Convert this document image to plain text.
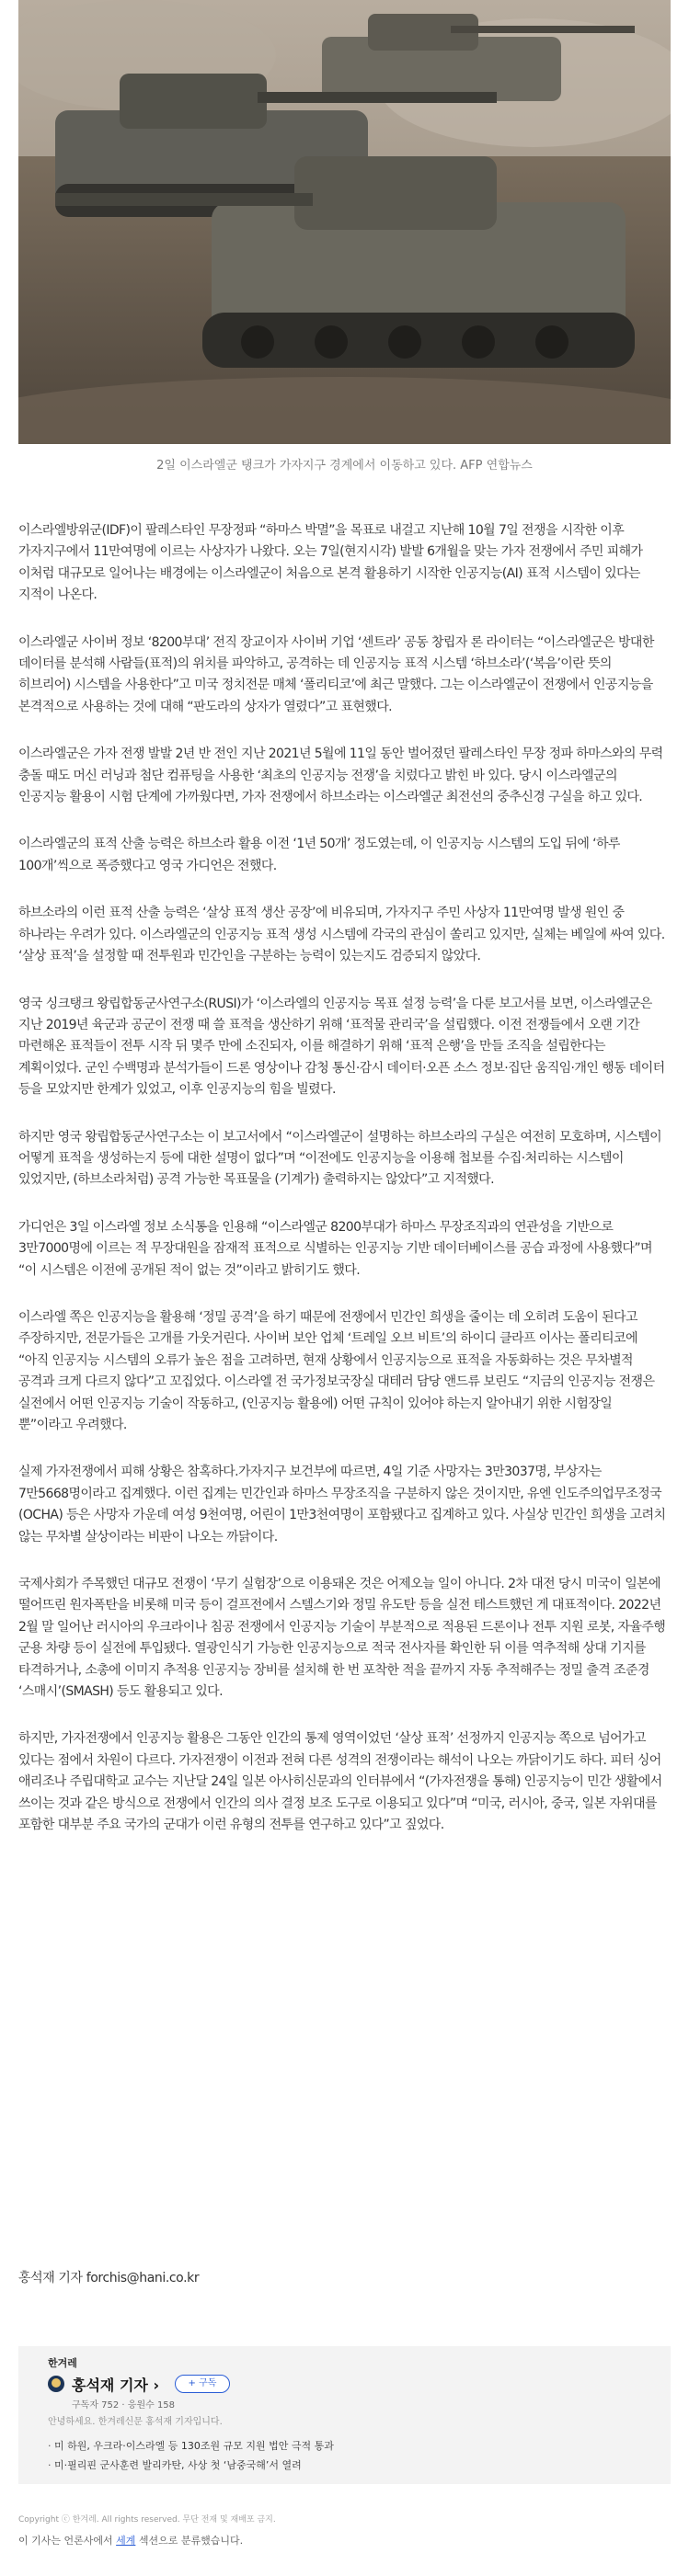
2일 이스라엘군 탱크가 가자지구 경계에서 이동하고 있다. AFP 연합뉴스

이스라엘방위군(IDF)이 팔레스타인 무장정파 “하마스 박멸”을 목표로 내걸고 지난해 10월 7일 전쟁을 시작한 이후 가자지구에서 11만여명에 이르는 사상자가 나왔다. 오는 7일(현지시각) 발발 6개월을 맞는 가자 전쟁에서 주민 피해가 이처럼 대규모로 일어나는 배경에는 이스라엘군이 처음으로 본격 활용하기 시작한 인공지능(AI) 표적 시스템이 있다는 지적이 나온다.

이스라엘군 사이버 정보 ‘8200부대’ 전직 장교이자 사이버 기업 ‘센트라’ 공동 창립자 론 라이터는 “이스라엘군은 방대한 데이터를 분석해 사람들(표적)의 위치를 파악하고, 공격하는 데 인공지능 표적 시스템 ‘하브소라’(‘복음’이란 뜻의 히브리어) 시스템을 사용한다”고 미국 정치전문 매체 ‘폴리티코’에 최근 말했다. 그는 이스라엘군이 전쟁에서 인공지능을 본격적으로 사용하는 것에 대해 “판도라의 상자가 열렸다”고 표현했다.

이스라엘군은 가자 전쟁 발발 2년 반 전인 지난 2021년 5월에 11일 동안 벌어졌던 팔레스타인 무장 정파 하마스와의 무력 충돌 때도 머신 러닝과 첨단 컴퓨팅을 사용한 ‘최초의 인공지능 전쟁’을 치렀다고 밝힌 바 있다. 당시 이스라엘군의 인공지능 활용이 시험 단계에 가까웠다면, 가자 전쟁에서 하브소라는 이스라엘군 최전선의 중추신경 구실을 하고 있다.

이스라엘군의 표적 산출 능력은 하브소라 활용 이전 ‘1년 50개’ 정도였는데, 이 인공지능 시스템의 도입 뒤에 ‘하루 100개’씩으로 폭증했다고 영국 가디언은 전했다.

하브소라의 이런 표적 산출 능력은 ‘살상 표적 생산 공장’에 비유되며, 가자지구 주민 사상자 11만여명 발생 원인 중 하나라는 우려가 있다. 이스라엘군의 인공지능 표적 생성 시스템에 각국의 관심이 쏠리고 있지만, 실체는 베일에 싸여 있다. ‘살상 표적’을 설정할 때 전투원과 민간인을 구분하는 능력이 있는지도 검증되지 않았다.

영국 싱크탱크 왕립합동군사연구소(RUSI)가 ‘이스라엘의 인공지능 목표 설정 능력’을 다룬 보고서를 보면, 이스라엘군은 지난 2019년 육군과 공군이 전쟁 때 쓸 표적을 생산하기 위해 ‘표적물 관리국’을 설립했다. 이전 전쟁들에서 오랜 기간 마련해온 표적들이 전투 시작 뒤 몇주 만에 소진되자, 이를 해결하기 위해 ‘표적 은행’을 만들 조직을 설립한다는 계획이었다. 군인 수백명과 분석가들이 드론 영상이나 감청 통신·감시 데이터·오픈 소스 정보·집단 움직임·개인 행동 데이터 등을 모았지만 한계가 있었고, 이후 인공지능의 힘을 빌렸다.

하지만 영국 왕립합동군사연구소는 이 보고서에서 “이스라엘군이 설명하는 하브소라의 구실은 여전히 모호하며, 시스템이 어떻게 표적을 생성하는지 등에 대한 설명이 없다”며 “이전에도 인공지능을 이용해 첩보를 수집·처리하는 시스템이 있었지만, (하브소라처럼) 공격 가능한 목표물을 (기계가) 출력하지는 않았다”고 지적했다.

가디언은 3일 이스라엘 정보 소식통을 인용해 “이스라엘군 8200부대가 하마스 무장조직과의 연관성을 기반으로 3만7000명에 이르는 적 무장대원을 잠재적 표적으로 식별하는 인공지능 기반 데이터베이스를 공습 과정에 사용했다”며 “이 시스템은 이전에 공개된 적이 없는 것”이라고 밝히기도 했다.

이스라엘 쪽은 인공지능을 활용해 ‘정밀 공격’을 하기 때문에 전쟁에서 민간인 희생을 줄이는 데 오히려 도움이 된다고 주장하지만, 전문가들은 고개를 가웃거린다. 사이버 보안 업체 ‘트레일 오브 비트’의 하이디 클라프 이사는 폴리티코에 “아직 인공지능 시스템의 오류가 높은 점을 고려하면, 현재 상황에서 인공지능으로 표적을 자동화하는 것은 무차별적 공격과 크게 다르지 않다”고 꼬집었다. 이스라엘 전 국가정보국장실 대테러 담당 앤드류 보린도 “지금의 인공지능 전쟁은 실전에서 어떤 인공지능 기술이 작동하고, (인공지능 활용에) 어떤 규칙이 있어야 하는지 알아내기 위한 시험장일 뿐”이라고 우려했다.

실제 가자전쟁에서 피해 상황은 참혹하다.가자지구 보건부에 따르면, 4일 기준 사망자는 3만3037명, 부상자는 7만5668명이라고 집계했다. 이런 집계는 민간인과 하마스 무장조직을 구분하지 않은 것이지만, 유엔 인도주의업무조정국(OCHA) 등은 사망자 가운데 여성 9천여명, 어린이 1만3천여명이 포함됐다고 집계하고 있다. 사실상 민간인 희생을 고려치 않는 무차별 살상이라는 비판이 나오는 까닭이다.

국제사회가 주목했던 대규모 전쟁이 ‘무기 실험장’으로 이용돼온 것은 어제오늘 일이 아니다. 2차 대전 당시 미국이 일본에 떨어뜨린 원자폭탄을 비롯해 미국 등이 걸프전에서 스텔스기와 정밀 유도탄 등을 실전 테스트했던 게 대표적이다. 2022년 2월 말 일어난 러시아의 우크라이나 침공 전쟁에서 인공지능 기술이 부분적으로 적용된 드론이나 전투 지원 로봇, 자율주행 군용 차량 등이 실전에 투입됐다. 열광인식기 가능한 인공지능으로 적국 전사자를 확인한 뒤 이를 역추적해 상대 기지를 타격하거나, 소총에 이미지 추적용 인공지능 장비를 설치해 한 번 포착한 적을 끝까지 자동 추적해주는 정밀 출격 조준경 ‘스매시’(SMASH) 등도 활용되고 있다.

하지만, 가자전쟁에서 인공지능 활용은 그동안 인간의 통제 영역이었던 ‘살상 표적’ 선정까지 인공지능 쪽으로 넘어가고 있다는 점에서 차원이 다르다. 가자전쟁이 이전과 전혀 다른 성격의 전쟁이라는 해석이 나오는 까닭이기도 하다. 피터 싱어 애리조나 주립대학교 교수는 지난달 24일 일본 아사히신문과의 인터뷰에서 “(가자전쟁을 통해) 인공지능이 민간 생활에서 쓰이는 것과 같은 방식으로 전쟁에서 인간의 의사 결정 보조 도구로 이용되고 있다”며 “미국, 러시아, 중국, 일본 자위대를 포함한 대부분 주요 국가의 군대가 이런 유형의 전투를 연구하고 있다”고 짚었다.

홍석재 기자 forchis@hani.co.kr
한겨레
홍석재 기자 ›	+ 구독
구독자 752 · 응원수 158
안녕하세요. 한겨레신문 홍석재 기자입니다.
· 미 하원, 우크라·이스라엘 등 130조원 규모 지원 법안 극적 통과
· 미·필리핀 군사훈련 발리카탄, 사상 첫 ‘남중국해’서 열려
Copyright ⓒ 한겨레. All rights reserved. 무단 전재 및 재배포 금지.
이 기사는 언론사에서 세계 섹션으로 분류했습니다.
